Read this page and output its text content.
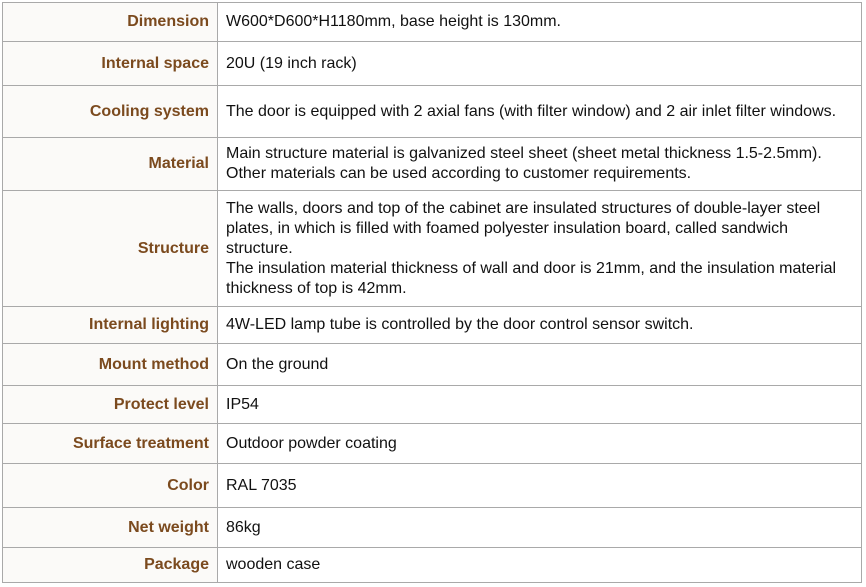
Dimension	W600*D600*H1180mm, base height is 130mm.

Internal space	20U (19 inch rack)

Cooling system	The door is equipped with 2 axial fans (with filter window) and 2 air inlet filter windows.

Material	Main structure material is galvanized steel sheet (sheet metal thickness 1.5-2.5mm). Other materials can be used according to customer requirements.

Structure	The walls, doors and top of the cabinet are insulated structures of double-layer steel plates, in which is filled with foamed polyester insulation board, called sandwich structure.
The insulation material thickness of wall and door is 21mm, and the insulation material thickness of top is 42mm.

Internal lighting	4W-LED lamp tube is controlled by the door control sensor switch.

Mount method	On the ground

Protect level	IP54

Surface treatment	Outdoor powder coating

Color	RAL 7035

Net weight	86kg

Package	wooden case
